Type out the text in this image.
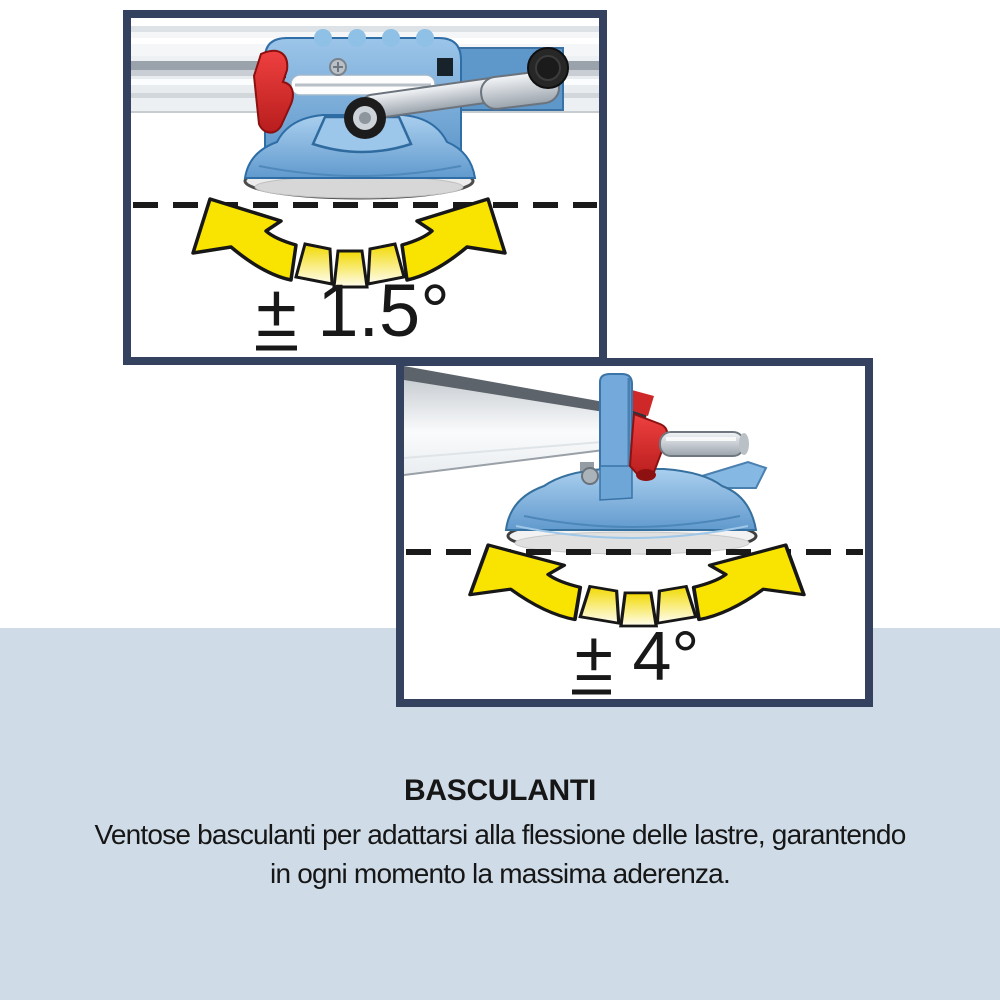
± 1.5°
± 4°
BASCULANTI
Ventose basculanti per adattarsi alla flessione delle lastre, garantendo
in ogni momento la massima aderenza.
